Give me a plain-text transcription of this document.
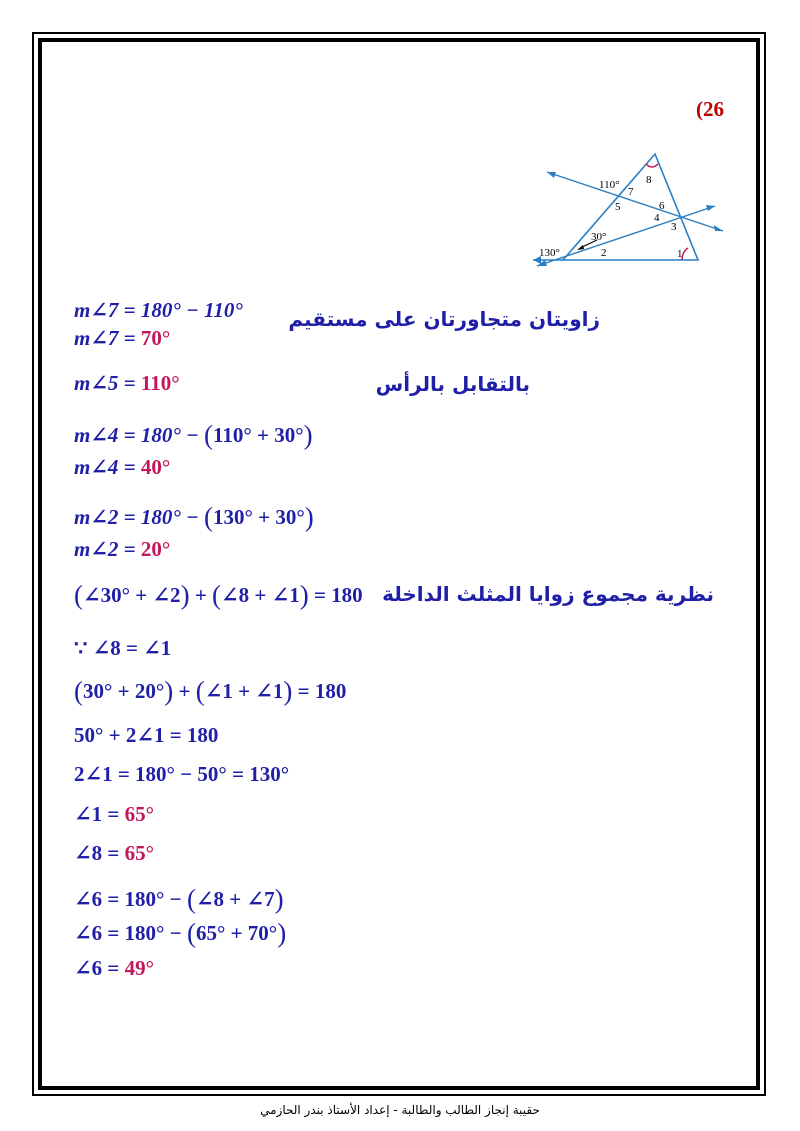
(26
110°
130°
30°
1
2
3
4
5	6
7
8
m∠7 = 180° − 110°
m∠7 = 70°
زاويتان متجاورتان على مستقيم
m∠5 = 110°	بالتقابل بالرأس
m∠4 = 180° − (110° + 30°)
m∠4 = 40°
m∠2 = 180° − (130° + 30°)
m∠2 = 20°
(∠30° + ∠2) + (∠8 + ∠1) = 180 نظرية مجموع زوايا المثلث الداخلة
∵ ∠8 = ∠1
(30° + 20°) + (∠1 + ∠1) = 180
50° + 2∠1 = 180
2∠1 = 180° − 50° = 130°
∠1 = 65°
∠8 = 65°
∠6 = 180° − (∠8 + ∠7)
∠6 = 180° − (65° + 70°)
∠6 = 49°
حقيبة إنجاز الطالب والطالبة - إعداد الأستاذ بندر الحازمي
